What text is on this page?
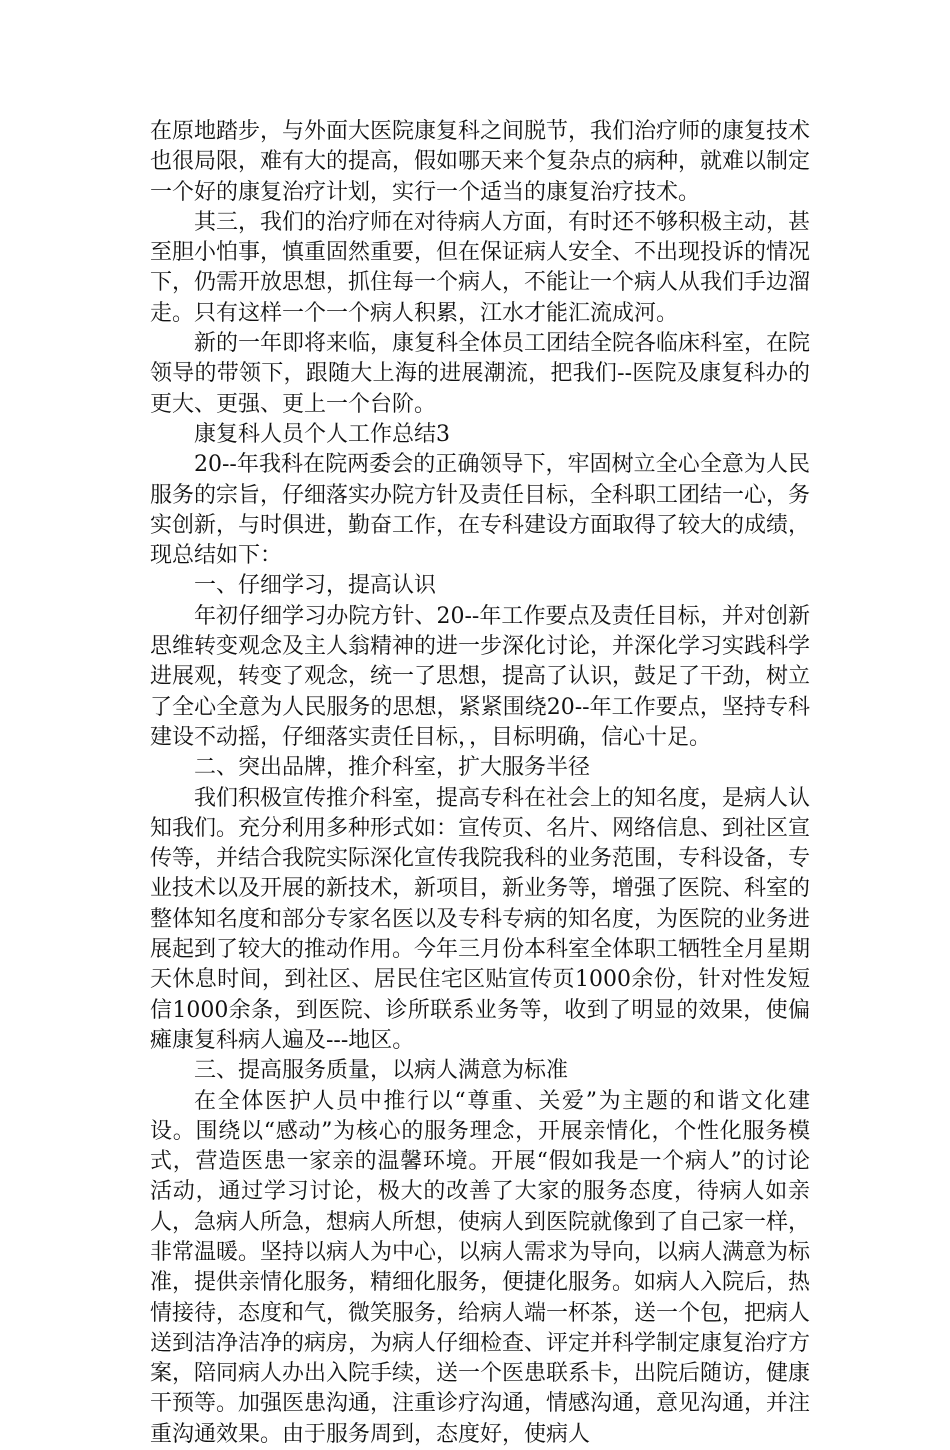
在原地踏步，与外面大医院康复科之间脱节，我们治疗师的康复技术也很局限，难有大的提高，假如哪天来个复杂点的病种，就难以制定一个好的康复治疗计划，实行一个适当的康复治疗技术。

其三，我们的治疗师在对待病人方面，有时还不够积极主动，甚至胆小怕事，慎重固然重要，但在保证病人安全、不出现投诉的情况下，仍需开放思想，抓住每一个病人，不能让一个病人从我们手边溜走。只有这样一个一个病人积累，江水才能汇流成河。

新的一年即将来临，康复科全体员工团结全院各临床科室，在院领导的带领下，跟随大上海的进展潮流，把我们--医院及康复科办的更大、更强、更上一个台阶。

康复科人员个人工作总结3

20--年我科在院两委会的正确领导下，牢固树立全心全意为人民服务的宗旨，仔细落实办院方针及责任目标，全科职工团结一心，务实创新，与时俱进，勤奋工作，在专科建设方面取得了较大的成绩，现总结如下：

一、仔细学习，提高认识

年初仔细学习办院方针、20--年工作要点及责任目标，并对创新思维转变观念及主人翁精神的进一步深化讨论，并深化学习实践科学进展观，转变了观念，统一了思想，提高了认识，鼓足了干劲，树立了全心全意为人民服务的思想，紧紧围绕20--年工作要点，坚持专科建设不动摇，仔细落实责任目标，，目标明确，信心十足。

二、突出品牌，推介科室，扩大服务半径

我们积极宣传推介科室，提高专科在社会上的知名度，是病人认知我们。充分利用多种形式如：宣传页、名片、网络信息、到社区宣传等，并结合我院实际深化宣传我院我科的业务范围，专科设备，专业技术以及开展的新技术，新项目，新业务等，增强了医院、科室的整体知名度和部分专家名医以及专科专病的知名度，为医院的业务进展起到了较大的推动作用。今年三月份本科室全体职工牺牲全月星期天休息时间，到社区、居民住宅区贴宣传页1000余份，针对性发短信1000余条，到医院、诊所联系业务等，收到了明显的效果，使偏瘫康复科病人遍及---地区。

三、提高服务质量，以病人满意为标准

在全体医护人员中推行以“尊重、关爱”为主题的和谐文化建设。围绕以“感动”为核心的服务理念，开展亲情化，个性化服务模式，营造医患一家亲的温馨环境。开展“假如我是一个病人”的讨论活动，通过学习讨论，极大的改善了大家的服务态度，待病人如亲人，急病人所急，想病人所想，使病人到医院就像到了自己家一样，非常温暖。坚持以病人为中心，以病人需求为导向，以病人满意为标准，提供亲情化服务，精细化服务，便捷化服务。如病人入院后，热情接待，态度和气，微笑服务，给病人端一杯茶，送一个包，把病人送到洁净洁净的病房，为病人仔细检查、评定并科学制定康复治疗方案，陪同病人办出入院手续，送一个医患联系卡，出院后随访，健康干预等。加强医患沟通，注重诊疗沟通，情感沟通，意见沟通，并注重沟通效果。由于服务周到，态度好，使病人
